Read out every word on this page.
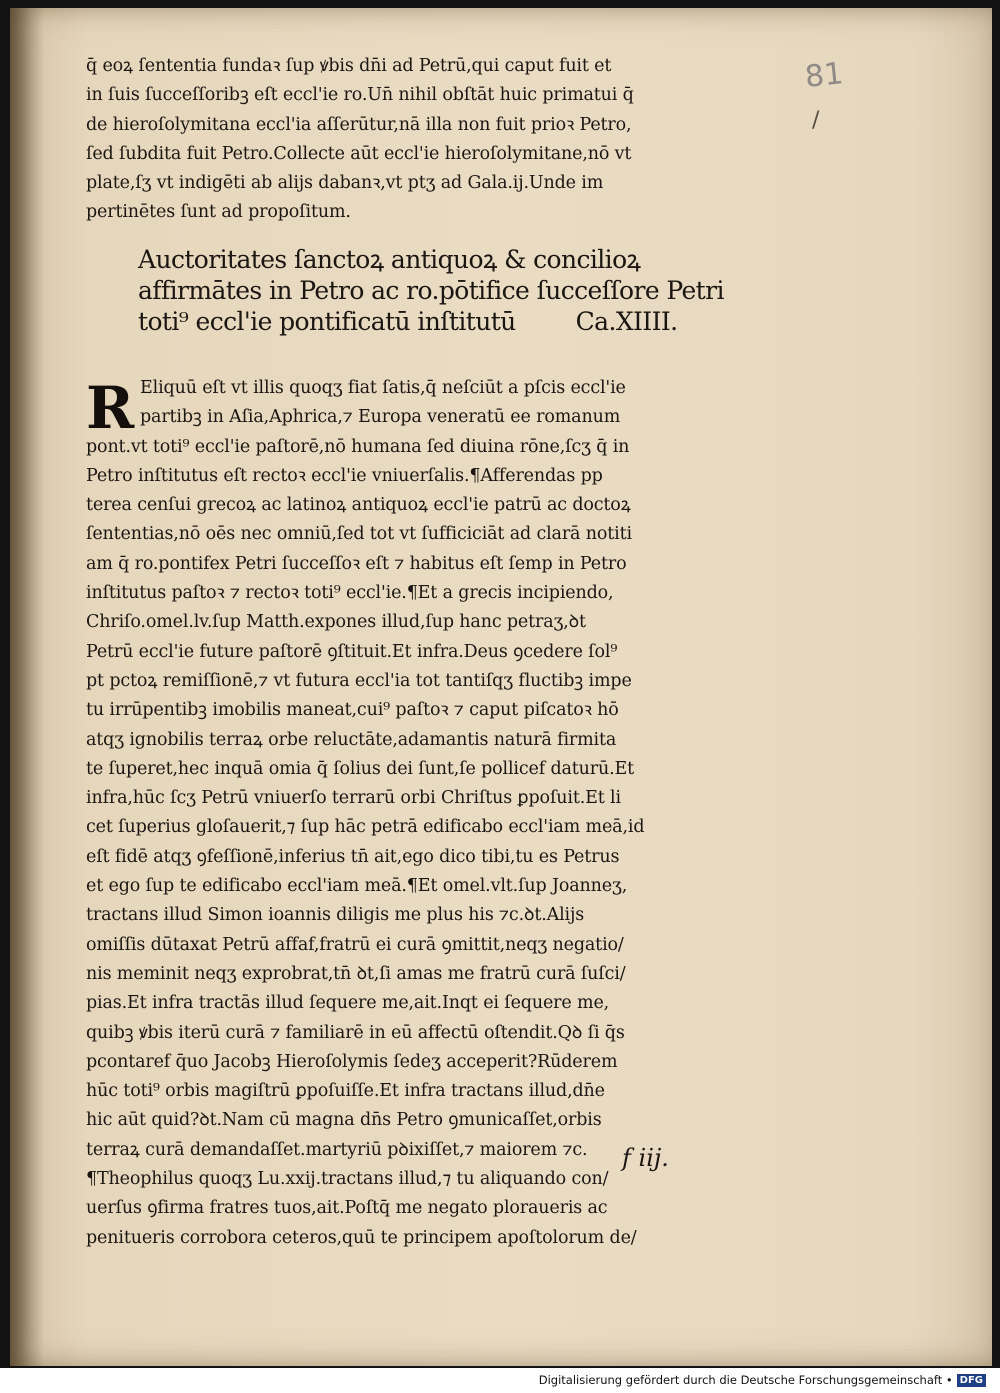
81
/
q̄ eoꝝ ſententia fundaꝛ ſup ꝟbis dn̄i ad Petrū,qui caput fuit et
in ſuis ſucceſſoribꝫ eſt eccl'ie ro.Un̄ nihil obſtāt huic primatui q̄
de hieroſolymitana eccl'ia aſſerūtur,nā illa non fuit prioꝛ Petro,
ſed ſubdita fuit Petro.Collecte aūt eccl'ie hieroſolymitane,nō vt
plate,ſʒ vt indigēti ab alijs dabanꝛ,vt ptʒ ad Gala.ij.Unde im
pertinētes ſunt ad propoſitum.
Auctoritates ſanctoꝝ antiquoꝝ & concilioꝝ
affirmātes in Petro ac ro.pōtifice ſucceſſore Petri
toti⁹ eccl'ie pontificatū inſtitutū Ca.XIIII.
R Eliquū eſt vt illis quoqʒ fiat ſatis,q̄ neſciūt a pſcis eccl'ie
partibꝫ in Aſia,Aphrica,⁊ Europa veneratū ee romanum
pont.vt toti⁹ eccl'ie paſtorē,nō humana ſed diuina rōne,ſcʒ q̄ in
Petro inſtitutus eſt rectoꝛ eccl'ie vniuerſalis.¶Afferendas pp
terea cenſui grecoꝝ ac latinoꝝ antiquoꝝ eccl'ie patrū ac doctoꝝ
ſententias,nō oēs nec omniū,ſed tot vt ſufficiciāt ad clarā notiti
am q̄ ro.pontifex Petri ſucceſſoꝛ eſt ⁊ habitus eſt ſemp in Petro
inſtitutus paſtoꝛ ⁊ rectoꝛ toti⁹ eccl'ie.¶Et a grecis incipiendo,
Chriſo.omel.lv.ſup Matth.expones illud,ſup hanc petraʒ,ꝺt
Petrū eccl'ie future paſtorē ꝯſtituit.Et infra.Deus ꝯcedere ſol⁹
pt pctoꝝ remiſſionē,⁊ vt futura eccl'ia tot tantiſqʒ fluctibꝫ impe
tu irrūpentibꝫ imobilis maneat,cui⁹ paſtoꝛ ⁊ caput piſcatoꝛ hō
atqʒ ignobilis terraꝝ orbe reluctāte,adamantis naturā firmita
te ſuperet,hec inquā omia q̄ ſolius dei ſunt,ſe pollicef daturū.Et
infra,hūc ſcʒ Petrū vniuerſo terrarū orbi Chriſtus ꝑpoſuit.Et li
cet ſuperius gloſauerit,⁊ ſup hāc petrā edificabo eccl'iam meā,id
eſt fidē atqʒ ꝯfeſſionē,inferius tn̄ ait,ego dico tibi,tu es Petrus
et ego ſup te edificabo eccl'iam meā.¶Et omel.vlt.ſup Joanneʒ,
tractans illud Simon ioannis diligis me plus his ⁊c.ꝺt.Alijs
omiſſis dūtaxat Petrū affaf,fratrū ei curā ꝯmittit,neqʒ negatio/
nis meminit neqʒ exprobrat,tn̄ ꝺt,ſi amas me fratrū curā ſuſci/
pias.Et infra tractās illud ſequere me,ait.Inqt ei ſequere me,
quibꝫ ꝟbis iterū curā ⁊ familiarē in eū affectū oſtendit.Qꝺ ſi q̄s
pcontaref q̄uo Jacobꝫ Hieroſolymis ſedeʒ acceperit?Rūderem
hūc toti⁹ orbis magiſtrū ꝑpoſuiſſe.Et infra tractans illud,dn̄e
hic aūt quid?ꝺt.Nam cū magna dn̄s Petro ꝯmunicaſſet,orbis
terraꝝ curā demandaſſet.martyriū pꝺixiſſet,⁊ maiorem ⁊c.
¶Theophilus quoqʒ Lu.xxij.tractans illud,⁊ tu aliquando con/
uerſus ꝯfirma fratres tuos,ait.Poſtq̄ me negato ploraueris ac
penitueris corrobora ceteros,quū te principem apoſtolorum de/
f iij.
Digitalisierung gefördert durch die Deutsche Forschungsgemeinschaft • DFG
